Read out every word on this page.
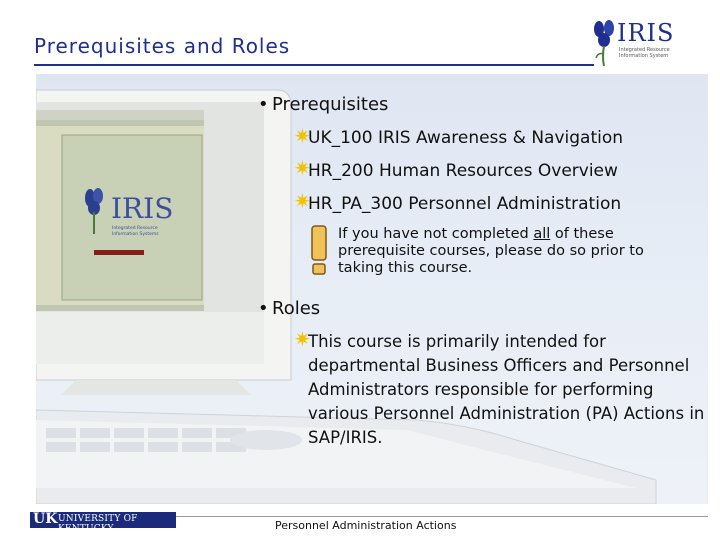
IRIS
Integrated Resource
Information Systems
Prerequisites and Roles	IRIS
Integrated Resource
Information System
• Prerequisites
✷
UK_100 IRIS Awareness & Navigation
✷
HR_200 Human Resources Overview
✷
HR_PA_300 Personnel Administration
If you have not completed all of these prerequisite courses, please do so prior to taking this course.
• Roles
✷
This course is primarily intended for departmental Business Officers and Personnel Administrators responsible for performing various Personnel Administration (PA) Actions in SAP/IRIS.
UK UNIVERSITY OF KENTUCKY	Personnel Administration Actions
